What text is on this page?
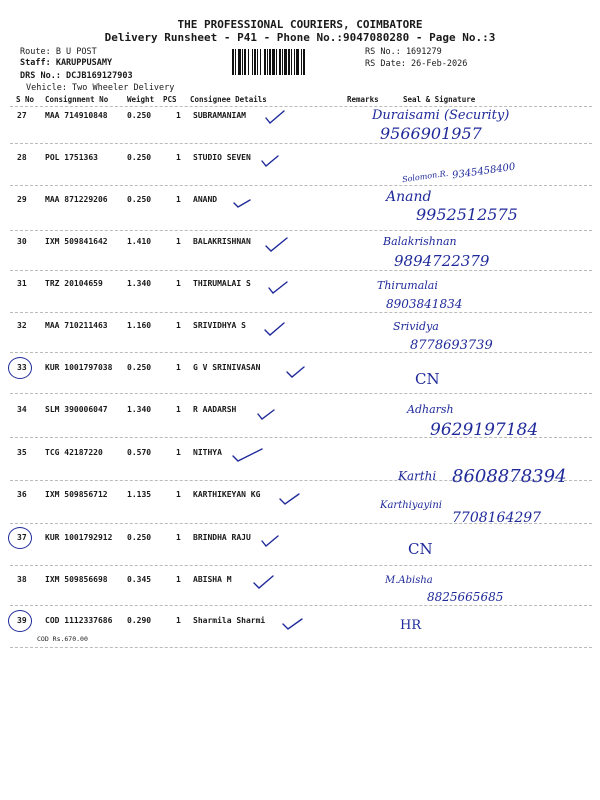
THE PROFESSIONAL COURIERS, COIMBATORE
Delivery Runsheet - P41 - Phone No.:9047080280 - Page No.:3
Route: B U POST
Staff: KARUPPUSAMY
DRS No.: DCJB169127903
Vehicle: Two Wheeler Delivery
RS No.: 1691279
RS Date: 26-Feb-2026
S No Consignment No	Weight PCS Consignee Details	Remarks	Seal & Signature
27 MAA 714910848 0.250	1 SUBRAMANIAM	Duraisami (Security)
9566901957
28 POL 1751363	0.250	1 STUDIO SEVEN
Solomon.R. 9345458400
29 MAA 871229206 0.250	1 ANAND	Anand
9952512575
30 IXM 509841642 1.410	1 BALAKRISHNAN	Balakrishnan
9894722379
31 TRZ 20104659	1.340	1 THIRUMALAI S	Thirumalai
8903841834
32 MAA 710211463 1.160	1 SRIVIDHYA S	Srividya
8778693739
33 KUR 1001797038 0.250	1 G V SRINIVASAN
CN
34 SLM 390006047 1.340	1 R AADARSH	Adharsh
9629197184
35 TCG 42187220	0.570	1 NITHYA
36 IXM 509856712 1.135	1 KARTHIKEYAN KG
Karthi 8608878394
Karthiyayini
7708164297
37 KUR 1001792912 0.250	1 BRINDHA RAJU
CN
38 IXM 509856698 0.345	1 ABISHA M	M.Abisha
8825665685
39 COD 1112337686 0.290	1 Sharmila Sharmi	HR
COD Rs.670.00
